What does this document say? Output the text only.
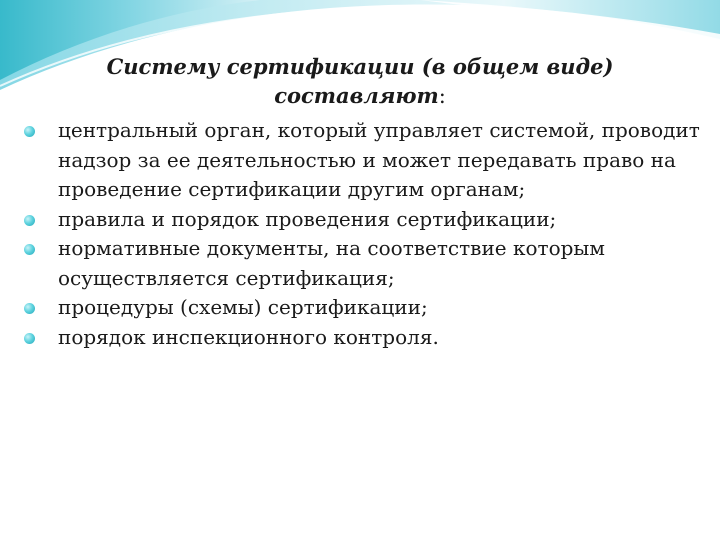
Систему сертификации (в общем виде) составляют:
центральный орган, который управляет системой, проводит надзор за ее деятельностью и может передавать право на проведение сертификации другим органам;
правила и порядок проведения сертификации;
нормативные документы, на соответствие которым осуществляется сертификация;
процедуры (схемы) сертификации;
порядок инспекционного контроля.
